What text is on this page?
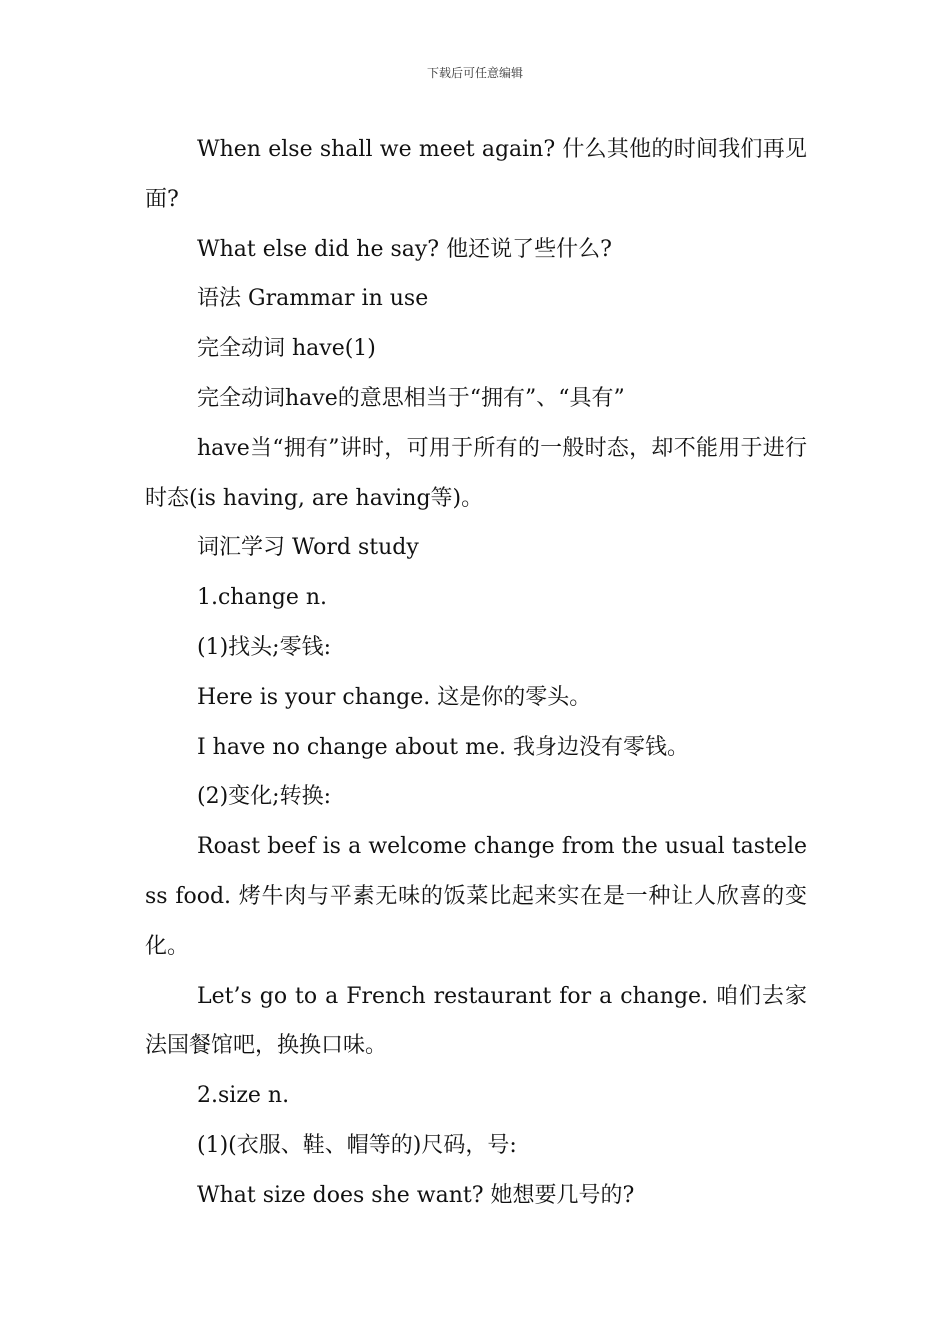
下载后可任意编辑

When else shall we meet again? 什么其他的时间我们再见面?

What else did he say? 他还说了些什么?

语法 Grammar in use

完全动词 have(1)

完全动词have的意思相当于“拥有”、“具有”

have当“拥有”讲时，可用于所有的一般时态，却不能用于进行时态(is having, are having等)。

词汇学习 Word study

1.change n.

(1)找头;零钱:

Here is your change. 这是你的零头。

I have no change about me. 我身边没有零钱。

(2)变化;转换:

Roast beef is a welcome change from the usual tasteless food. 烤牛肉与平素无味的饭菜比起来实在是一种让人欣喜的变化。

Let’s go to a French restaurant for a change. 咱们去家法国餐馆吧，换换口味。

2.size n.

(1)(衣服、鞋、帽等的)尺码，号:

What size does she want? 她想要几号的?
